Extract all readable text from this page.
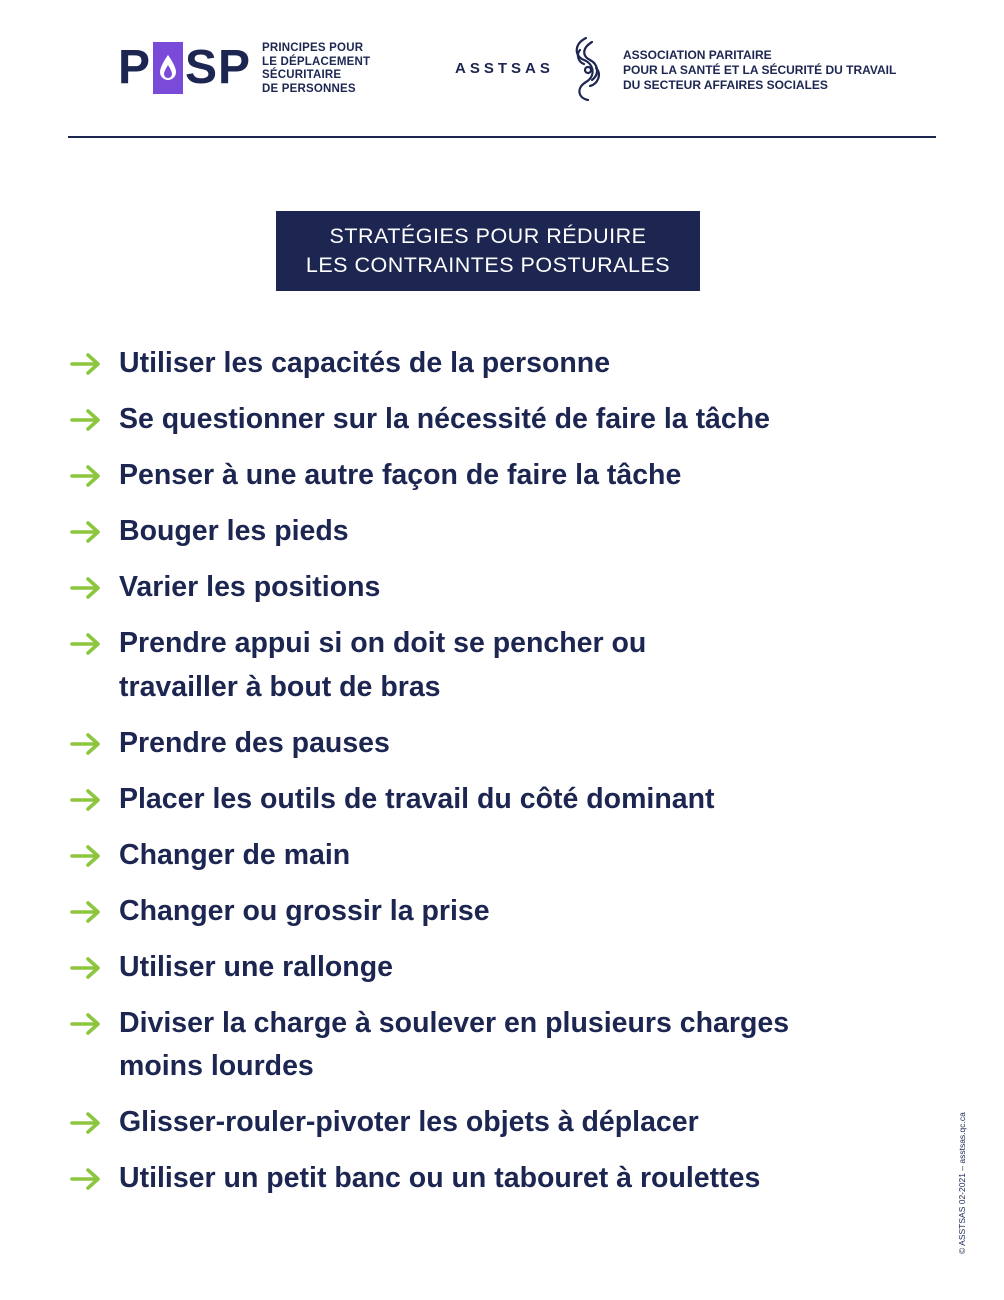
P SP PRINCIPES POUR
LE DÉPLACEMENT
SÉCURITAIRE
DE PERSONNES
ASSTSAS
ASSOCIATION PARITAIRE
POUR LA SANTÉ ET LA SÉCURITÉ DU TRAVAIL
DU SECTEUR AFFAIRES SOCIALES
STRATÉGIES POUR RÉDUIRE
LES CONTRAINTES POSTURALES
Utiliser les capacités de la personne
Se questionner sur la nécessité de faire la tâche
Penser à une autre façon de faire la tâche
Bouger les pieds
Varier les positions
Prendre appui si on doit se pencher ou travailler à bout de bras
Prendre des pauses
Placer les outils de travail du côté dominant
Changer de main
Changer ou grossir la prise
Utiliser une rallonge
Diviser la charge à soulever en plusieurs charges moins lourdes
Glisser-rouler-pivoter les objets à déplacer
Utiliser un petit banc ou un tabouret à roulettes	© ASSTSAS 02-2021 – asstsas.qc.ca
